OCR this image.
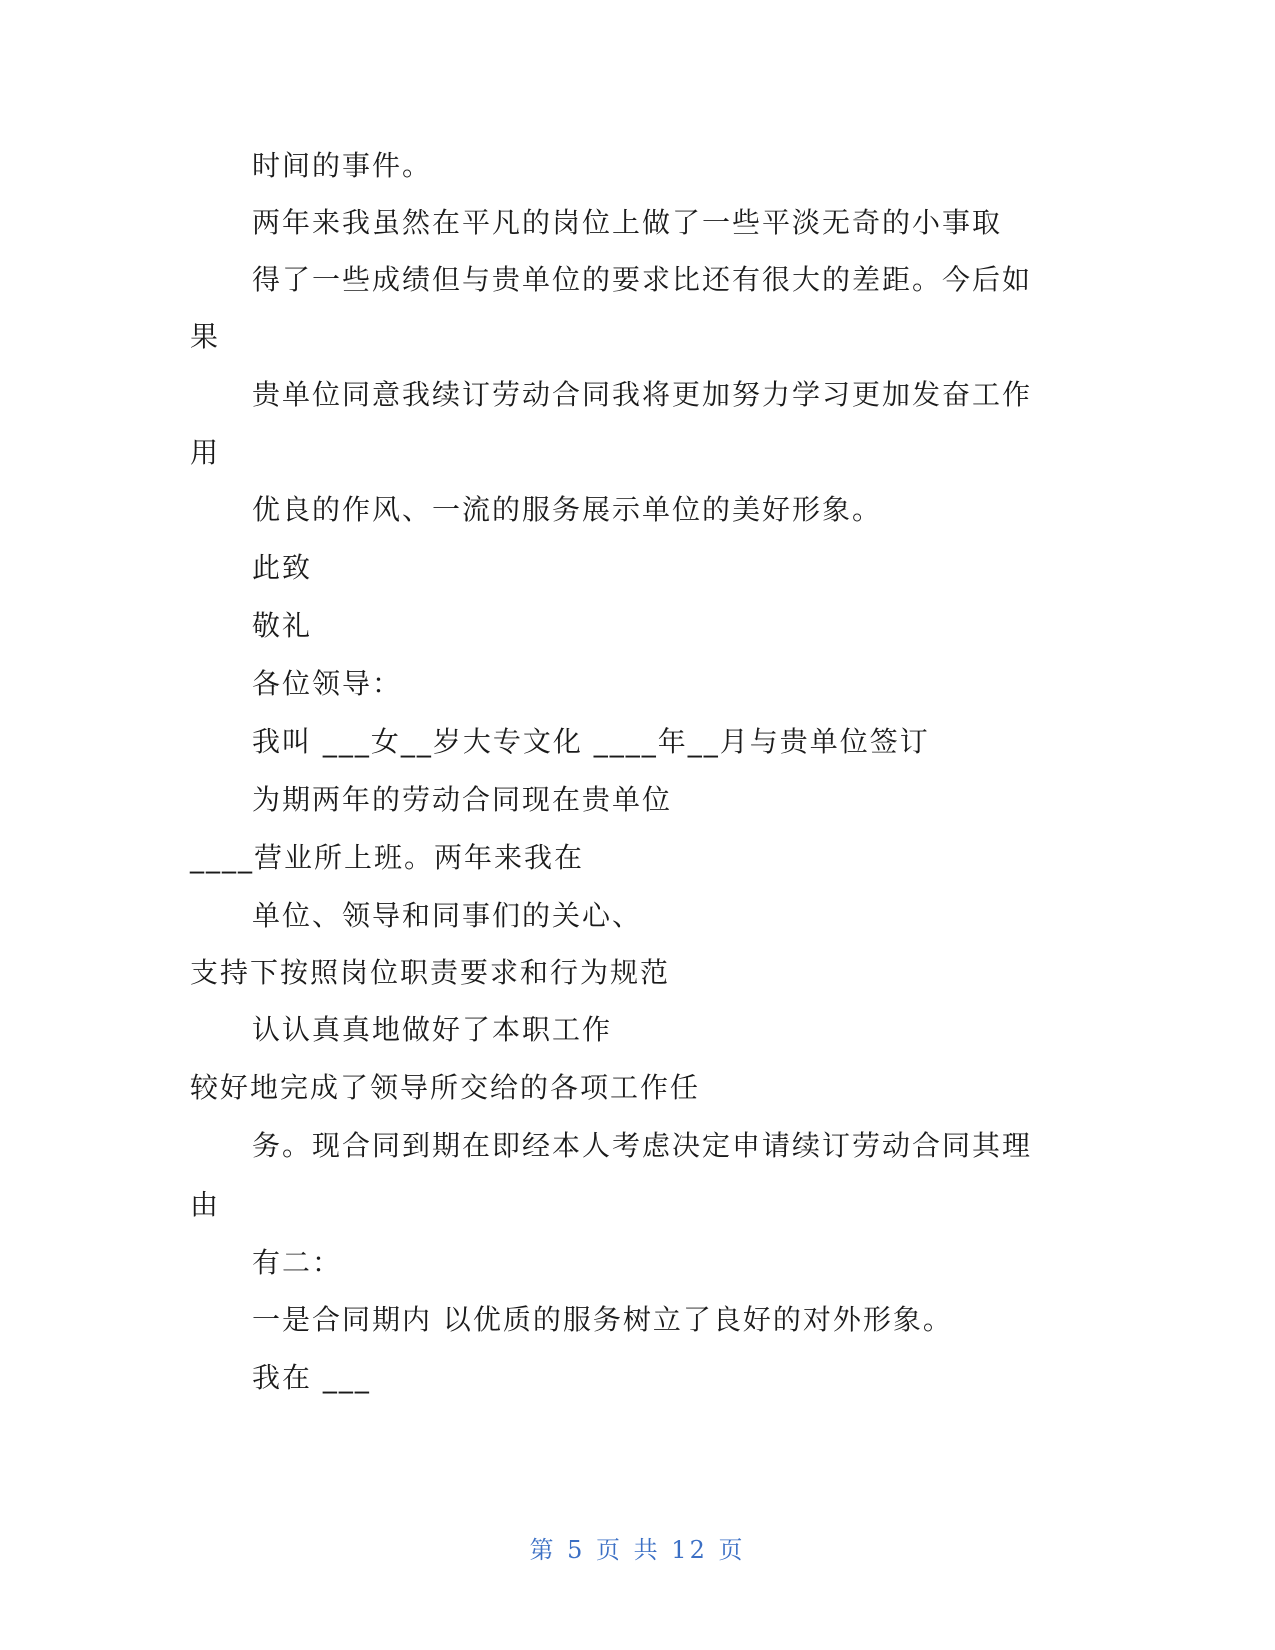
时间的事件。
两年来我虽然在平凡的岗位上做了一些平淡无奇的小事取
得了一些成绩但与贵单位的要求比还有很大的差距。今后如
果
贵单位同意我续订劳动合同我将更加努力学习更加发奋工作
用
优良的作风、一流的服务展示单位的美好形象。
此致
敬礼
各位领导：
我叫 ___女__岁大专文化 ____年__月与贵单位签订
为期两年的劳动合同现在贵单位
____营业所上班。两年来我在
单位、领导和同事们的关心、
支持下按照岗位职责要求和行为规范
认认真真地做好了本职工作
较好地完成了领导所交给的各项工作任
务。现合同到期在即经本人考虑决定申请续订劳动合同其理
由
有二：
一是合同期内 以优质的服务树立了良好的对外形象。
我在 ___
第 5 页 共 12 页
